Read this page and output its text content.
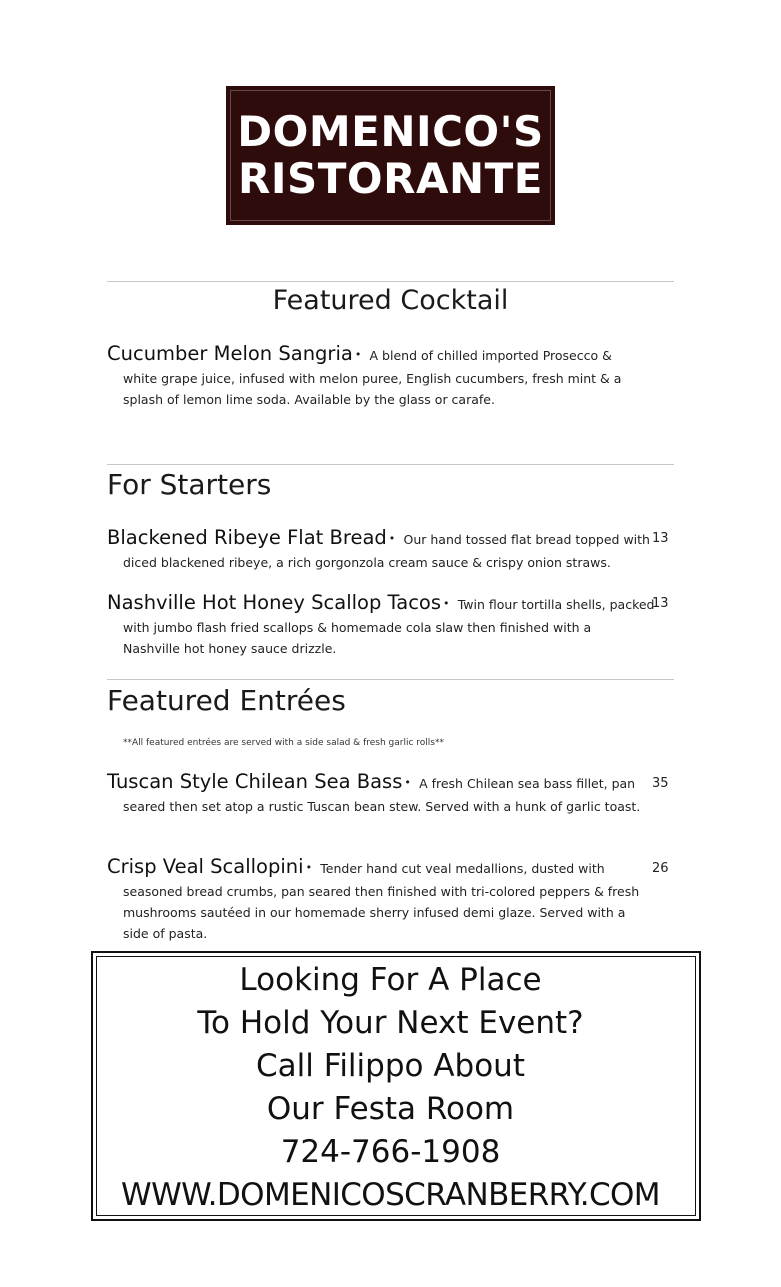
DOMENICO'S
RISTORANTE
Featured Cocktail
Cucumber Melon Sangria • A blend of chilled imported Prosecco &
white grape juice, infused with melon puree, English cucumbers, fresh mint & a splash of lemon lime soda. Available by the glass or carafe.
For Starters
Blackened Ribeye Flat Bread • Our hand tossed flat bread topped with
diced blackened ribeye, a rich gorgonzola cream sauce & crispy onion straws.
13
Nashville Hot Honey Scallop Tacos • Twin flour tortilla shells, packed
with jumbo flash fried scallops & homemade cola slaw then finished with a Nashville hot honey sauce drizzle.
13
Featured Entrées
**All featured entrées are served with a side salad & fresh garlic rolls**
Tuscan Style Chilean Sea Bass • A fresh Chilean sea bass fillet, pan
seared then set atop a rustic Tuscan bean stew. Served with a hunk of garlic toast.
35
Crisp Veal Scallopini • Tender hand cut veal medallions, dusted with
seasoned bread crumbs, pan seared then finished with tri-colored peppers & fresh mushrooms sautéed in our homemade sherry infused demi glaze. Served with a side of pasta.
26
Looking For A Place
To Hold Your Next Event?
Call Filippo About
Our Festa Room
724-766-1908
WWW.DOMENICOSCRANBERRY.COM
